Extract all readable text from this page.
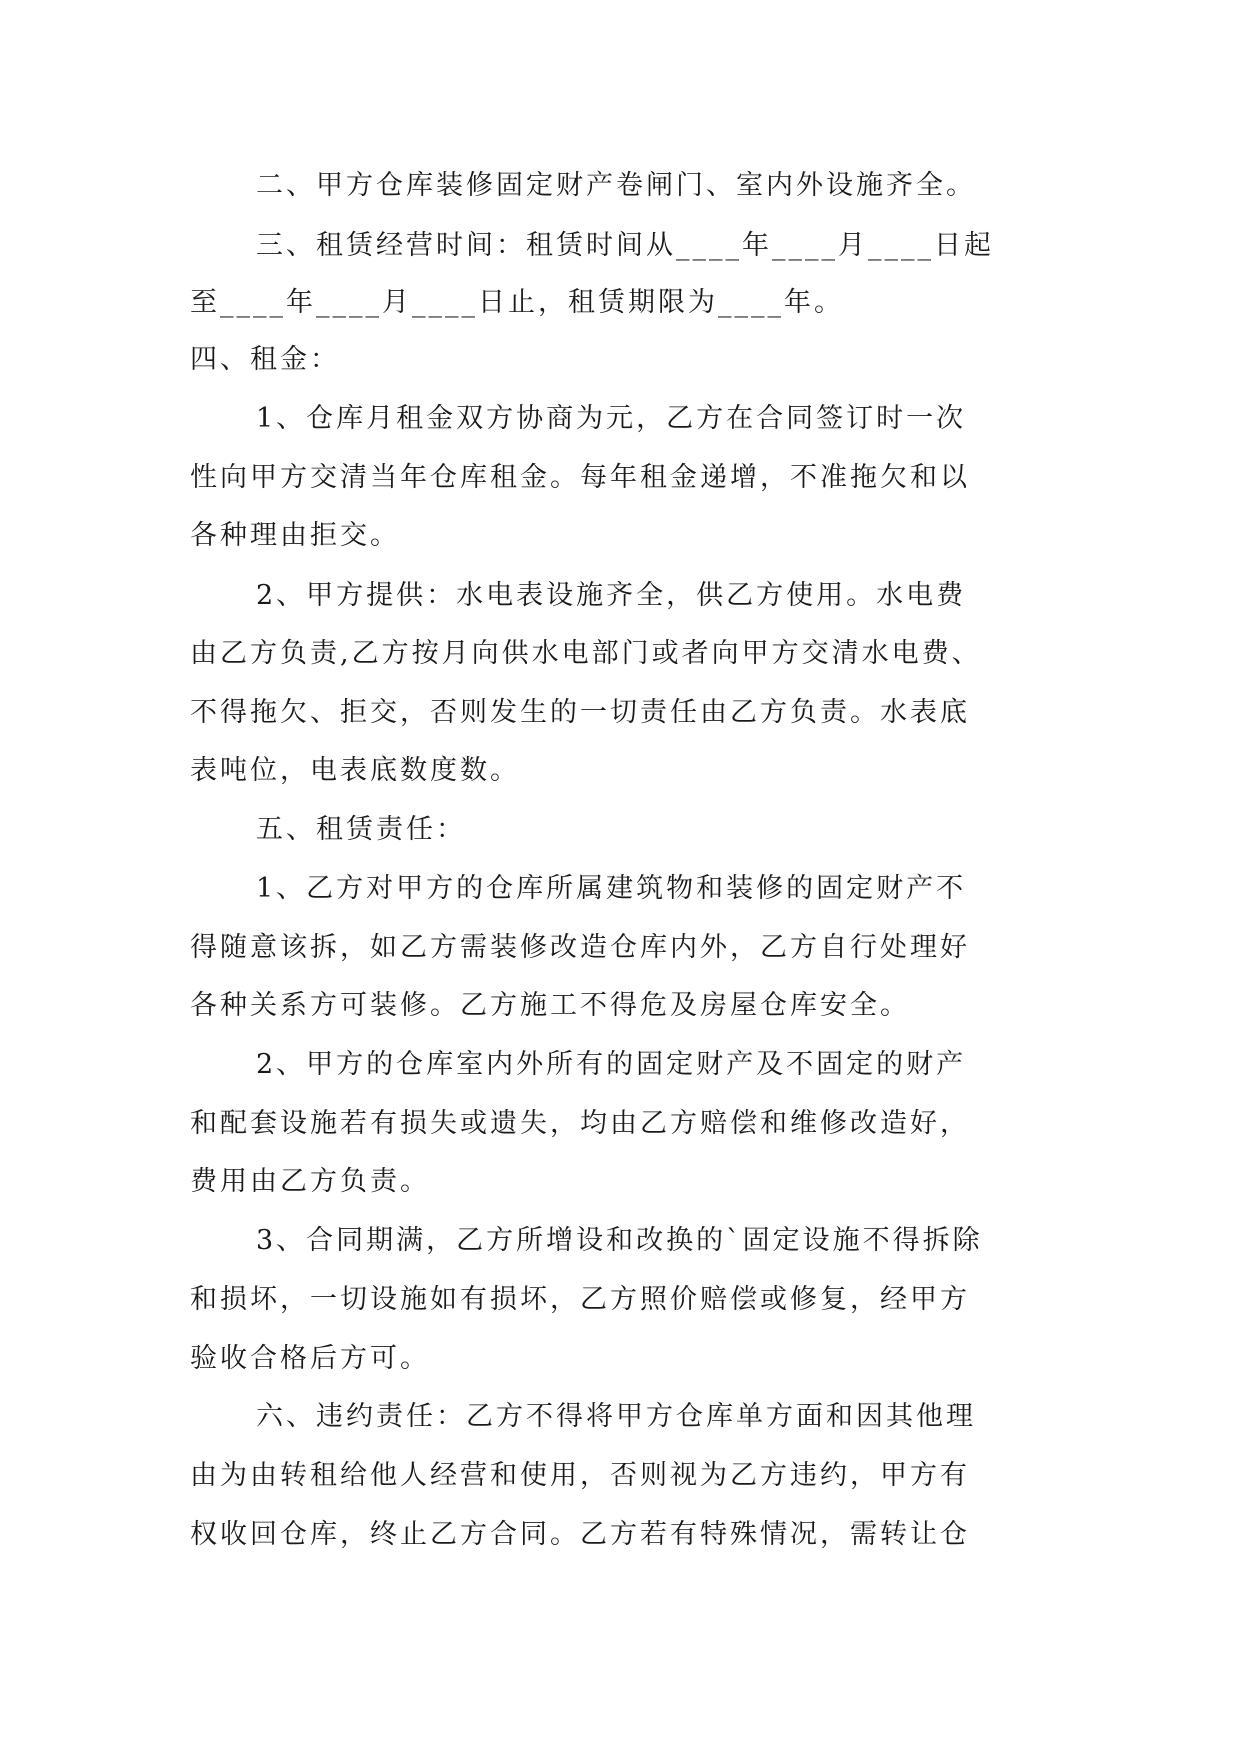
二、甲方仓库装修固定财产卷闸门、室内外设施齐全。
三、租赁经营时间：租赁时间从____年____月____日起
至____年____月____日止，租赁期限为____年。
四、租金：
1、仓库月租金双方协商为元，乙方在合同签订时一次
性向甲方交清当年仓库租金。每年租金递增，不准拖欠和以
各种理由拒交。
2、甲方提供：水电表设施齐全，供乙方使用。水电费
由乙方负责,乙方按月向供水电部门或者向甲方交清水电费、
不得拖欠、拒交，否则发生的一切责任由乙方负责。水表底
表吨位，电表底数度数。
五、租赁责任：
1、乙方对甲方的仓库所属建筑物和装修的固定财产不
得随意该拆，如乙方需装修改造仓库内外，乙方自行处理好
各种关系方可装修。乙方施工不得危及房屋仓库安全。
2、甲方的仓库室内外所有的固定财产及不固定的财产
和配套设施若有损失或遗失，均由乙方赔偿和维修改造好，
费用由乙方负责。
3、合同期满，乙方所增设和改换的`固定设施不得拆除
和损坏，一切设施如有损坏，乙方照价赔偿或修复，经甲方
验收合格后方可。
六、违约责任：乙方不得将甲方仓库单方面和因其他理
由为由转租给他人经营和使用，否则视为乙方违约，甲方有
权收回仓库，终止乙方合同。乙方若有特殊情况，需转让仓
